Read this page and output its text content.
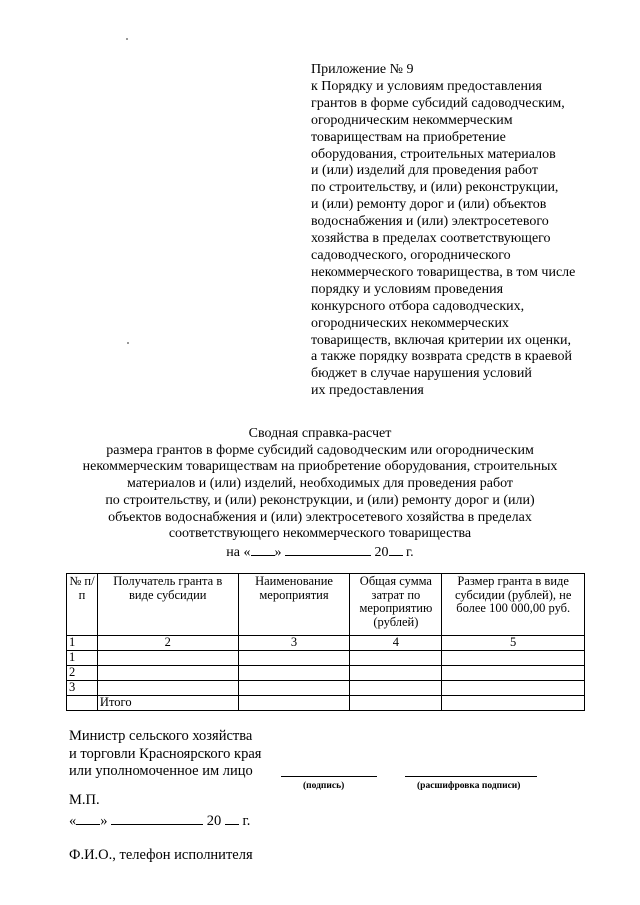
Приложение № 9
к Порядку и условиям предоставления
грантов в форме субсидий садоводческим,
огородническим некоммерческим
товариществам на приобретение
оборудования, строительных материалов
и (или) изделий для проведения работ
по строительству, и (или) реконструкции,
и (или) ремонту дорог и (или) объектов
водоснабжения и (или) электросетевого
хозяйства в пределах соответствующего
садоводческого, огороднического
некоммерческого товарищества, в том числе
порядку и условиям проведения
конкурсного отбора садоводческих,
огороднических некоммерческих
товариществ, включая критерии их оценки,
а также порядку возврата средств в краевой
бюджет в случае нарушения условий
их предоставления
Сводная справка-расчет
размера грантов в форме субсидий садоводческим или огородническим
некоммерческим товариществам на приобретение оборудования, строительных
материалов и (или) изделий, необходимых для проведения работ
по строительству, и (или) реконструкции, и (или) ремонту дорог и (или)
объектов водоснабжения и (или) электросетевого хозяйства в пределах
соответствующего некоммерческого товарищества
на « »	20 г.
№ п/п	Получатель гранта в виде субсидии	Наименование мероприятия	Общая сумма затрат по мероприятию (рублей)	Размер гранта в виде субсидии (рублей), не более 100 000,00 руб.
1	2	3	4	5
1				
2				
3				
	Итого			
Министр сельского хозяйства
и торговли Красноярского края
или уполномоченное им лицо
(подпись)	(расшифровка подписи)
М.П.
« »	20  г.
Ф.И.О., телефон исполнителя
